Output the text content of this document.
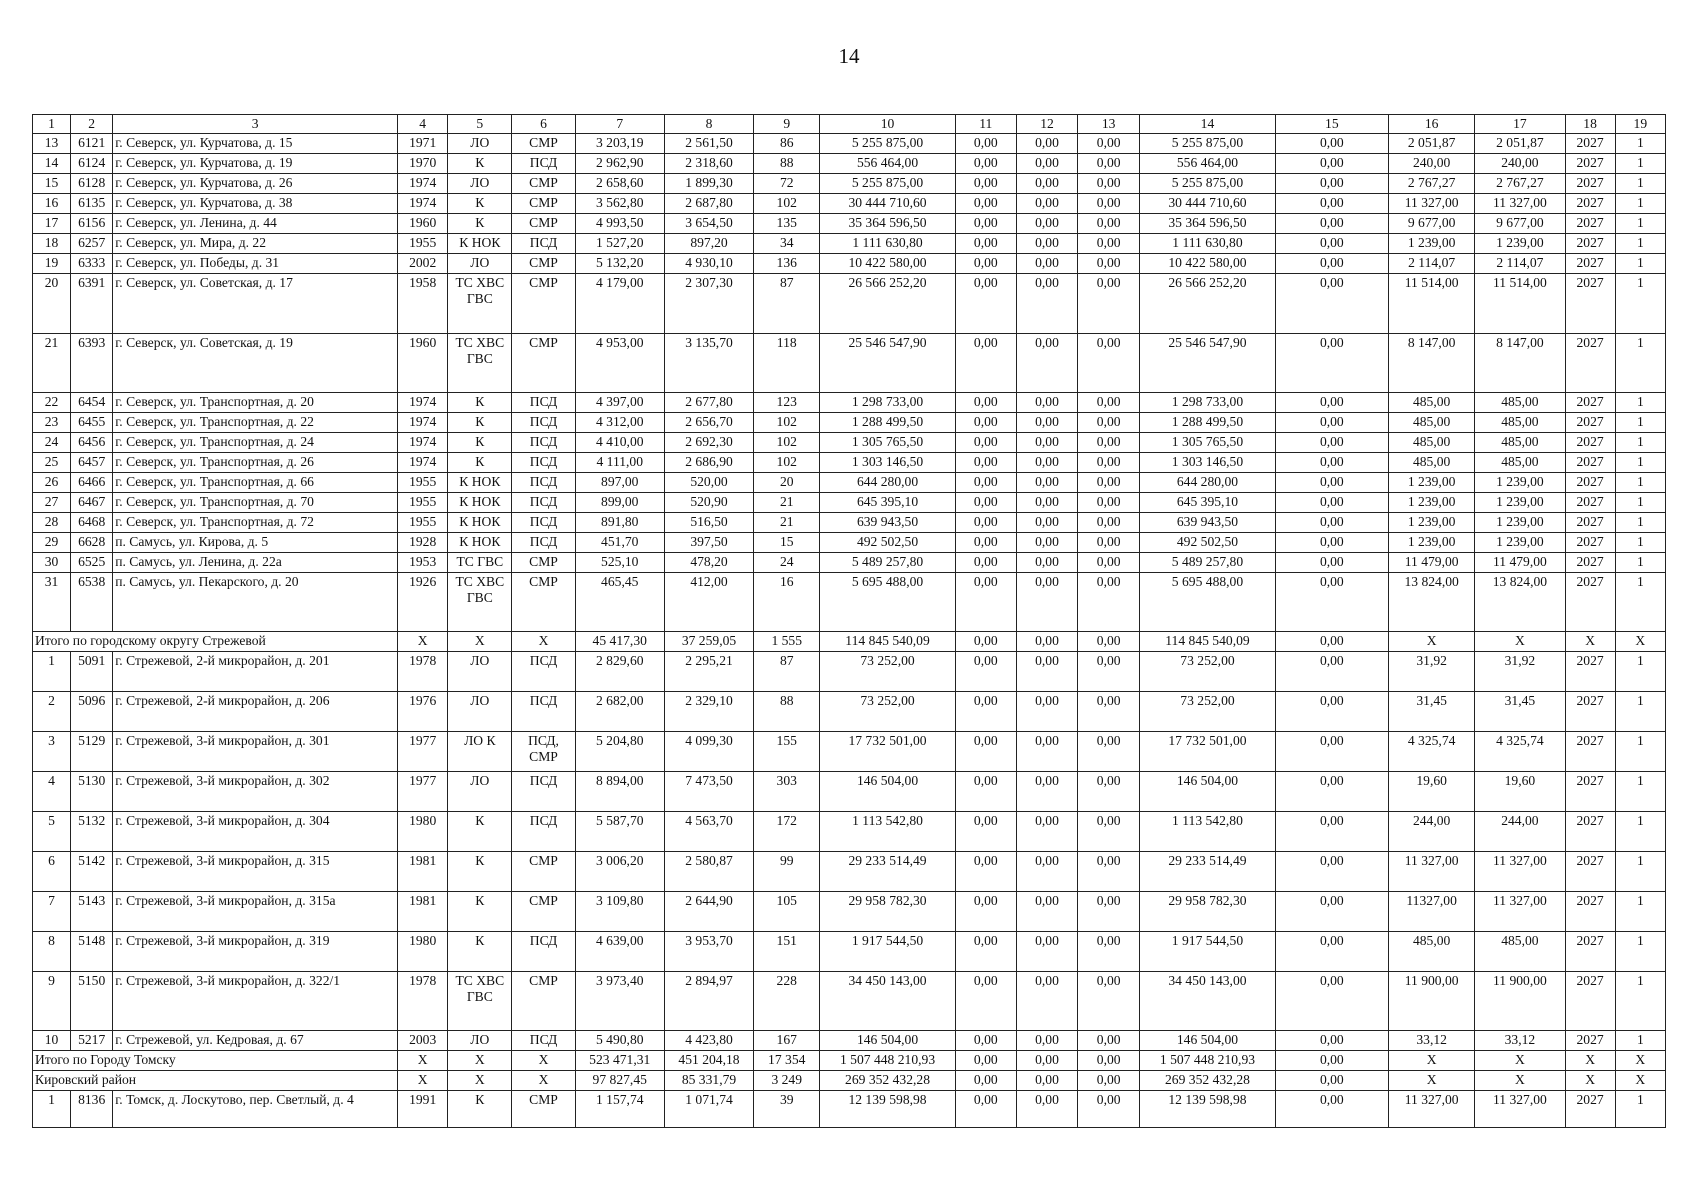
14
1	2	3	4	5	6	7	8	9	10	11	12	13	14	15	16	17	18	19
13	6121	г. Северск, ул. Курчатова, д. 15	1971	ЛО	СМР	3 203,19	2 561,50	86	5 255 875,00	0,00	0,00	0,00	5 255 875,00	0,00	2 051,87	2 051,87	2027	1
14	6124	г. Северск, ул. Курчатова, д. 19	1970	К	ПСД	2 962,90	2 318,60	88	556 464,00	0,00	0,00	0,00	556 464,00	0,00	240,00	240,00	2027	1
15	6128	г. Северск, ул. Курчатова, д. 26	1974	ЛО	СМР	2 658,60	1 899,30	72	5 255 875,00	0,00	0,00	0,00	5 255 875,00	0,00	2 767,27	2 767,27	2027	1
16	6135	г. Северск, ул. Курчатова, д. 38	1974	К	СМР	3 562,80	2 687,80	102	30 444 710,60	0,00	0,00	0,00	30 444 710,60	0,00	11 327,00	11 327,00	2027	1
17	6156	г. Северск, ул. Ленина, д. 44	1960	К	СМР	4 993,50	3 654,50	135	35 364 596,50	0,00	0,00	0,00	35 364 596,50	0,00	9 677,00	9 677,00	2027	1
18	6257	г. Северск, ул. Мира, д. 22	1955	К НОК	ПСД	1 527,20	897,20	34	1 111 630,80	0,00	0,00	0,00	1 111 630,80	0,00	1 239,00	1 239,00	2027	1
19	6333	г. Северск, ул. Победы, д. 31	2002	ЛО	СМР	5 132,20	4 930,10	136	10 422 580,00	0,00	0,00	0,00	10 422 580,00	0,00	2 114,07	2 114,07	2027	1
20	6391	г. Северск, ул. Советская, д. 17	1958	ТС ХВС ГВС	СМР	4 179,00	2 307,30	87	26 566 252,20	0,00	0,00	0,00	26 566 252,20	0,00	11 514,00	11 514,00	2027	1
21	6393	г. Северск, ул. Советская, д. 19	1960	ТС ХВС ГВС	СМР	4 953,00	3 135,70	118	25 546 547,90	0,00	0,00	0,00	25 546 547,90	0,00	8 147,00	8 147,00	2027	1
22	6454	г. Северск, ул. Транспортная, д. 20	1974	К	ПСД	4 397,00	2 677,80	123	1 298 733,00	0,00	0,00	0,00	1 298 733,00	0,00	485,00	485,00	2027	1
23	6455	г. Северск, ул. Транспортная, д. 22	1974	К	ПСД	4 312,00	2 656,70	102	1 288 499,50	0,00	0,00	0,00	1 288 499,50	0,00	485,00	485,00	2027	1
24	6456	г. Северск, ул. Транспортная, д. 24	1974	К	ПСД	4 410,00	2 692,30	102	1 305 765,50	0,00	0,00	0,00	1 305 765,50	0,00	485,00	485,00	2027	1
25	6457	г. Северск, ул. Транспортная, д. 26	1974	К	ПСД	4 111,00	2 686,90	102	1 303 146,50	0,00	0,00	0,00	1 303 146,50	0,00	485,00	485,00	2027	1
26	6466	г. Северск, ул. Транспортная, д. 66	1955	К НОК	ПСД	897,00	520,00	20	644 280,00	0,00	0,00	0,00	644 280,00	0,00	1 239,00	1 239,00	2027	1
27	6467	г. Северск, ул. Транспортная, д. 70	1955	К НОК	ПСД	899,00	520,90	21	645 395,10	0,00	0,00	0,00	645 395,10	0,00	1 239,00	1 239,00	2027	1
28	6468	г. Северск, ул. Транспортная, д. 72	1955	К НОК	ПСД	891,80	516,50	21	639 943,50	0,00	0,00	0,00	639 943,50	0,00	1 239,00	1 239,00	2027	1
29	6628	п. Самусь, ул. Кирова, д. 5	1928	К НОК	ПСД	451,70	397,50	15	492 502,50	0,00	0,00	0,00	492 502,50	0,00	1 239,00	1 239,00	2027	1
30	6525	п. Самусь, ул. Ленина, д. 22а	1953	ТС ГВС	СМР	525,10	478,20	24	5 489 257,80	0,00	0,00	0,00	5 489 257,80	0,00	11 479,00	11 479,00	2027	1
31	6538	п. Самусь, ул. Пекарского, д. 20	1926	ТС ХВС ГВС	СМР	465,45	412,00	16	5 695 488,00	0,00	0,00	0,00	5 695 488,00	0,00	13 824,00	13 824,00	2027	1
Итого по городскому округу Стрежевой			X	X	X	45 417,30	37 259,05	1 555	114 845 540,09	0,00	0,00	0,00	114 845 540,09	0,00	X	X	X	X
1	5091	г. Стрежевой, 2-й микрорайон, д. 201	1978	ЛО	ПСД	2 829,60	2 295,21	87	73 252,00	0,00	0,00	0,00	73 252,00	0,00	31,92	31,92	2027	1
2	5096	г. Стрежевой, 2-й микрорайон, д. 206	1976	ЛО	ПСД	2 682,00	2 329,10	88	73 252,00	0,00	0,00	0,00	73 252,00	0,00	31,45	31,45	2027	1
3	5129	г. Стрежевой, 3-й микрорайон, д. 301	1977	ЛО К	ПСД, СМР	5 204,80	4 099,30	155	17 732 501,00	0,00	0,00	0,00	17 732 501,00	0,00	4 325,74	4 325,74	2027	1
4	5130	г. Стрежевой, 3-й микрорайон, д. 302	1977	ЛО	ПСД	8 894,00	7 473,50	303	146 504,00	0,00	0,00	0,00	146 504,00	0,00	19,60	19,60	2027	1
5	5132	г. Стрежевой, 3-й микрорайон, д. 304	1980	К	ПСД	5 587,70	4 563,70	172	1 113 542,80	0,00	0,00	0,00	1 113 542,80	0,00	244,00	244,00	2027	1
6	5142	г. Стрежевой, 3-й микрорайон, д. 315	1981	К	СМР	3 006,20	2 580,87	99	29 233 514,49	0,00	0,00	0,00	29 233 514,49	0,00	11 327,00	11 327,00	2027	1
7	5143	г. Стрежевой, 3-й микрорайон, д. 315а	1981	К	СМР	3 109,80	2 644,90	105	29 958 782,30	0,00	0,00	0,00	29 958 782,30	0,00	11327,00	11 327,00	2027	1
8	5148	г. Стрежевой, 3-й микрорайон, д. 319	1980	К	ПСД	4 639,00	3 953,70	151	1 917 544,50	0,00	0,00	0,00	1 917 544,50	0,00	485,00	485,00	2027	1
9	5150	г. Стрежевой, 3-й микрорайон, д. 322/1	1978	ТС ХВС ГВС	СМР	3 973,40	2 894,97	228	34 450 143,00	0,00	0,00	0,00	34 450 143,00	0,00	11 900,00	11 900,00	2027	1
10	5217	г. Стрежевой, ул. Кедровая, д. 67	2003	ЛО	ПСД	5 490,80	4 423,80	167	146 504,00	0,00	0,00	0,00	146 504,00	0,00	33,12	33,12	2027	1
Итого по Городу Томску			X	X	X	523 471,31	451 204,18	17 354	1 507 448 210,93	0,00	0,00	0,00	1 507 448 210,93	0,00	X	X	X	X
Кировский район			X	X	X	97 827,45	85 331,79	3 249	269 352 432,28	0,00	0,00	0,00	269 352 432,28	0,00	X	X	X	X
1	8136	г. Томск, д. Лоскутово, пер. Светлый, д. 4	1991	К	СМР	1 157,74	1 071,74	39	12 139 598,98	0,00	0,00	0,00	12 139 598,98	0,00	11 327,00	11 327,00	2027	1
